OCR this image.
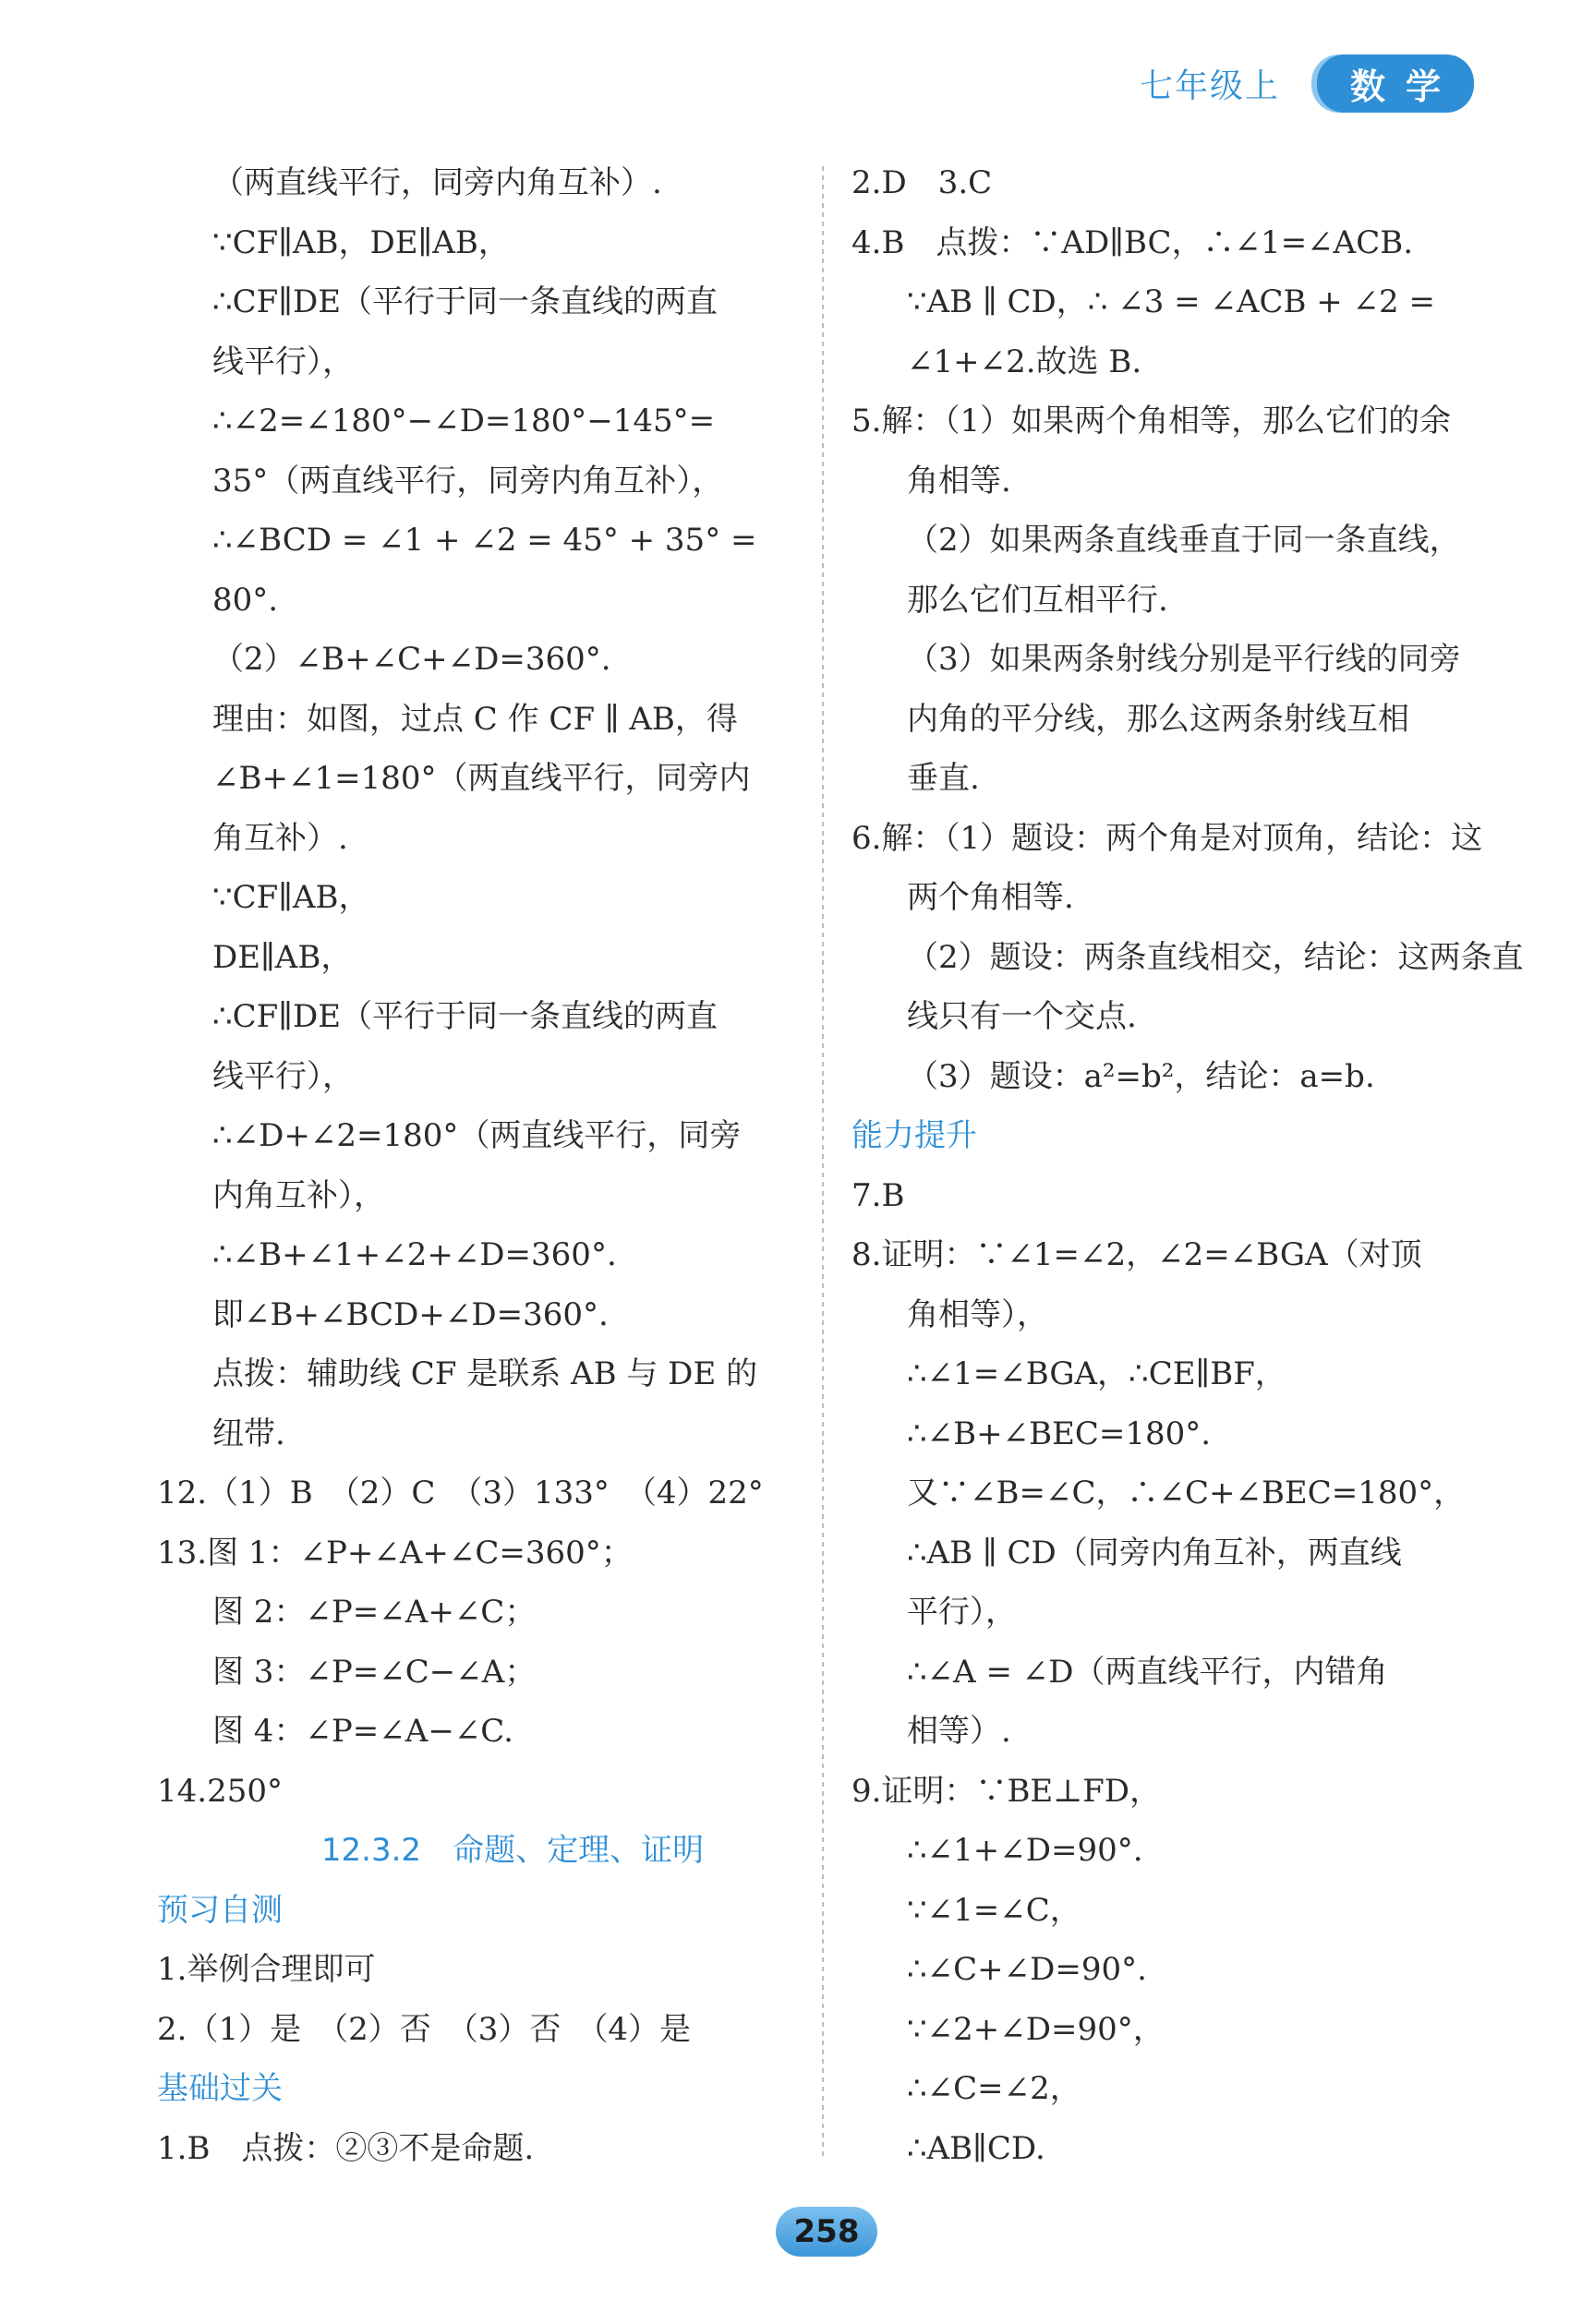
七年级上	数学
（两直线平行，同旁内角互补）.
∵CF∥AB，DE∥AB，
∴CF∥DE（平行于同一条直线的两直
线平行），
∴∠2=∠180°−∠D=180°−145°=
35°（两直线平行，同旁内角互补），
∴∠BCD = ∠1 + ∠2 = 45° + 35° =
80°.
（2）∠B+∠C+∠D=360°.
理由：如图，过点 C 作 CF ∥ AB，得
∠B+∠1=180°（两直线平行，同旁内
角互补）.
∵CF∥AB，
DE∥AB，
∴CF∥DE（平行于同一条直线的两直
线平行），
∴∠D+∠2=180°（两直线平行，同旁
内角互补），
∴∠B+∠1+∠2+∠D=360°.
即∠B+∠BCD+∠D=360°.
点拨：辅助线 CF 是联系 AB 与 DE 的
纽带.
12.（1）B　（2）C　（3）133°　（4）22°
13.图 1：∠P+∠A+∠C=360°；
图 2：∠P=∠A+∠C；
图 3：∠P=∠C−∠A；
图 4：∠P=∠A−∠C.
14.250°
12.3.2　命题、定理、证明
预习自测
1.举例合理即可
2.（1）是　（2）否　（3）否　（4）是
基础过关
1.B　点拨：②③不是命题.
2.D　3.C
4.B　点拨：∵AD∥BC，∴∠1=∠ACB.
∵AB ∥ CD，∴ ∠3 = ∠ACB + ∠2 =
∠1+∠2.故选 B.
5.解：（1）如果两个角相等，那么它们的余
角相等.
（2）如果两条直线垂直于同一条直线，
那么它们互相平行.
（3）如果两条射线分别是平行线的同旁
内角的平分线，那么这两条射线互相
垂直.
6.解：（1）题设：两个角是对顶角，结论：这
两个角相等.
（2）题设：两条直线相交，结论：这两条直
线只有一个交点.
（3）题设：a²=b²，结论：a=b.
能力提升
7.B
8.证明：∵∠1=∠2，∠2=∠BGA（对顶
角相等），
∴∠1=∠BGA，∴CE∥BF，
∴∠B+∠BEC=180°.
又∵∠B=∠C，∴∠C+∠BEC=180°，
∴AB ∥ CD（同旁内角互补，两直线
平行），
∴∠A = ∠D（两直线平行，内错角
相等）.
9.证明：∵BE⊥FD，
∴∠1+∠D=90°.
∵∠1=∠C，
∴∠C+∠D=90°.
∵∠2+∠D=90°，
∴∠C=∠2，
∴AB∥CD.
258
